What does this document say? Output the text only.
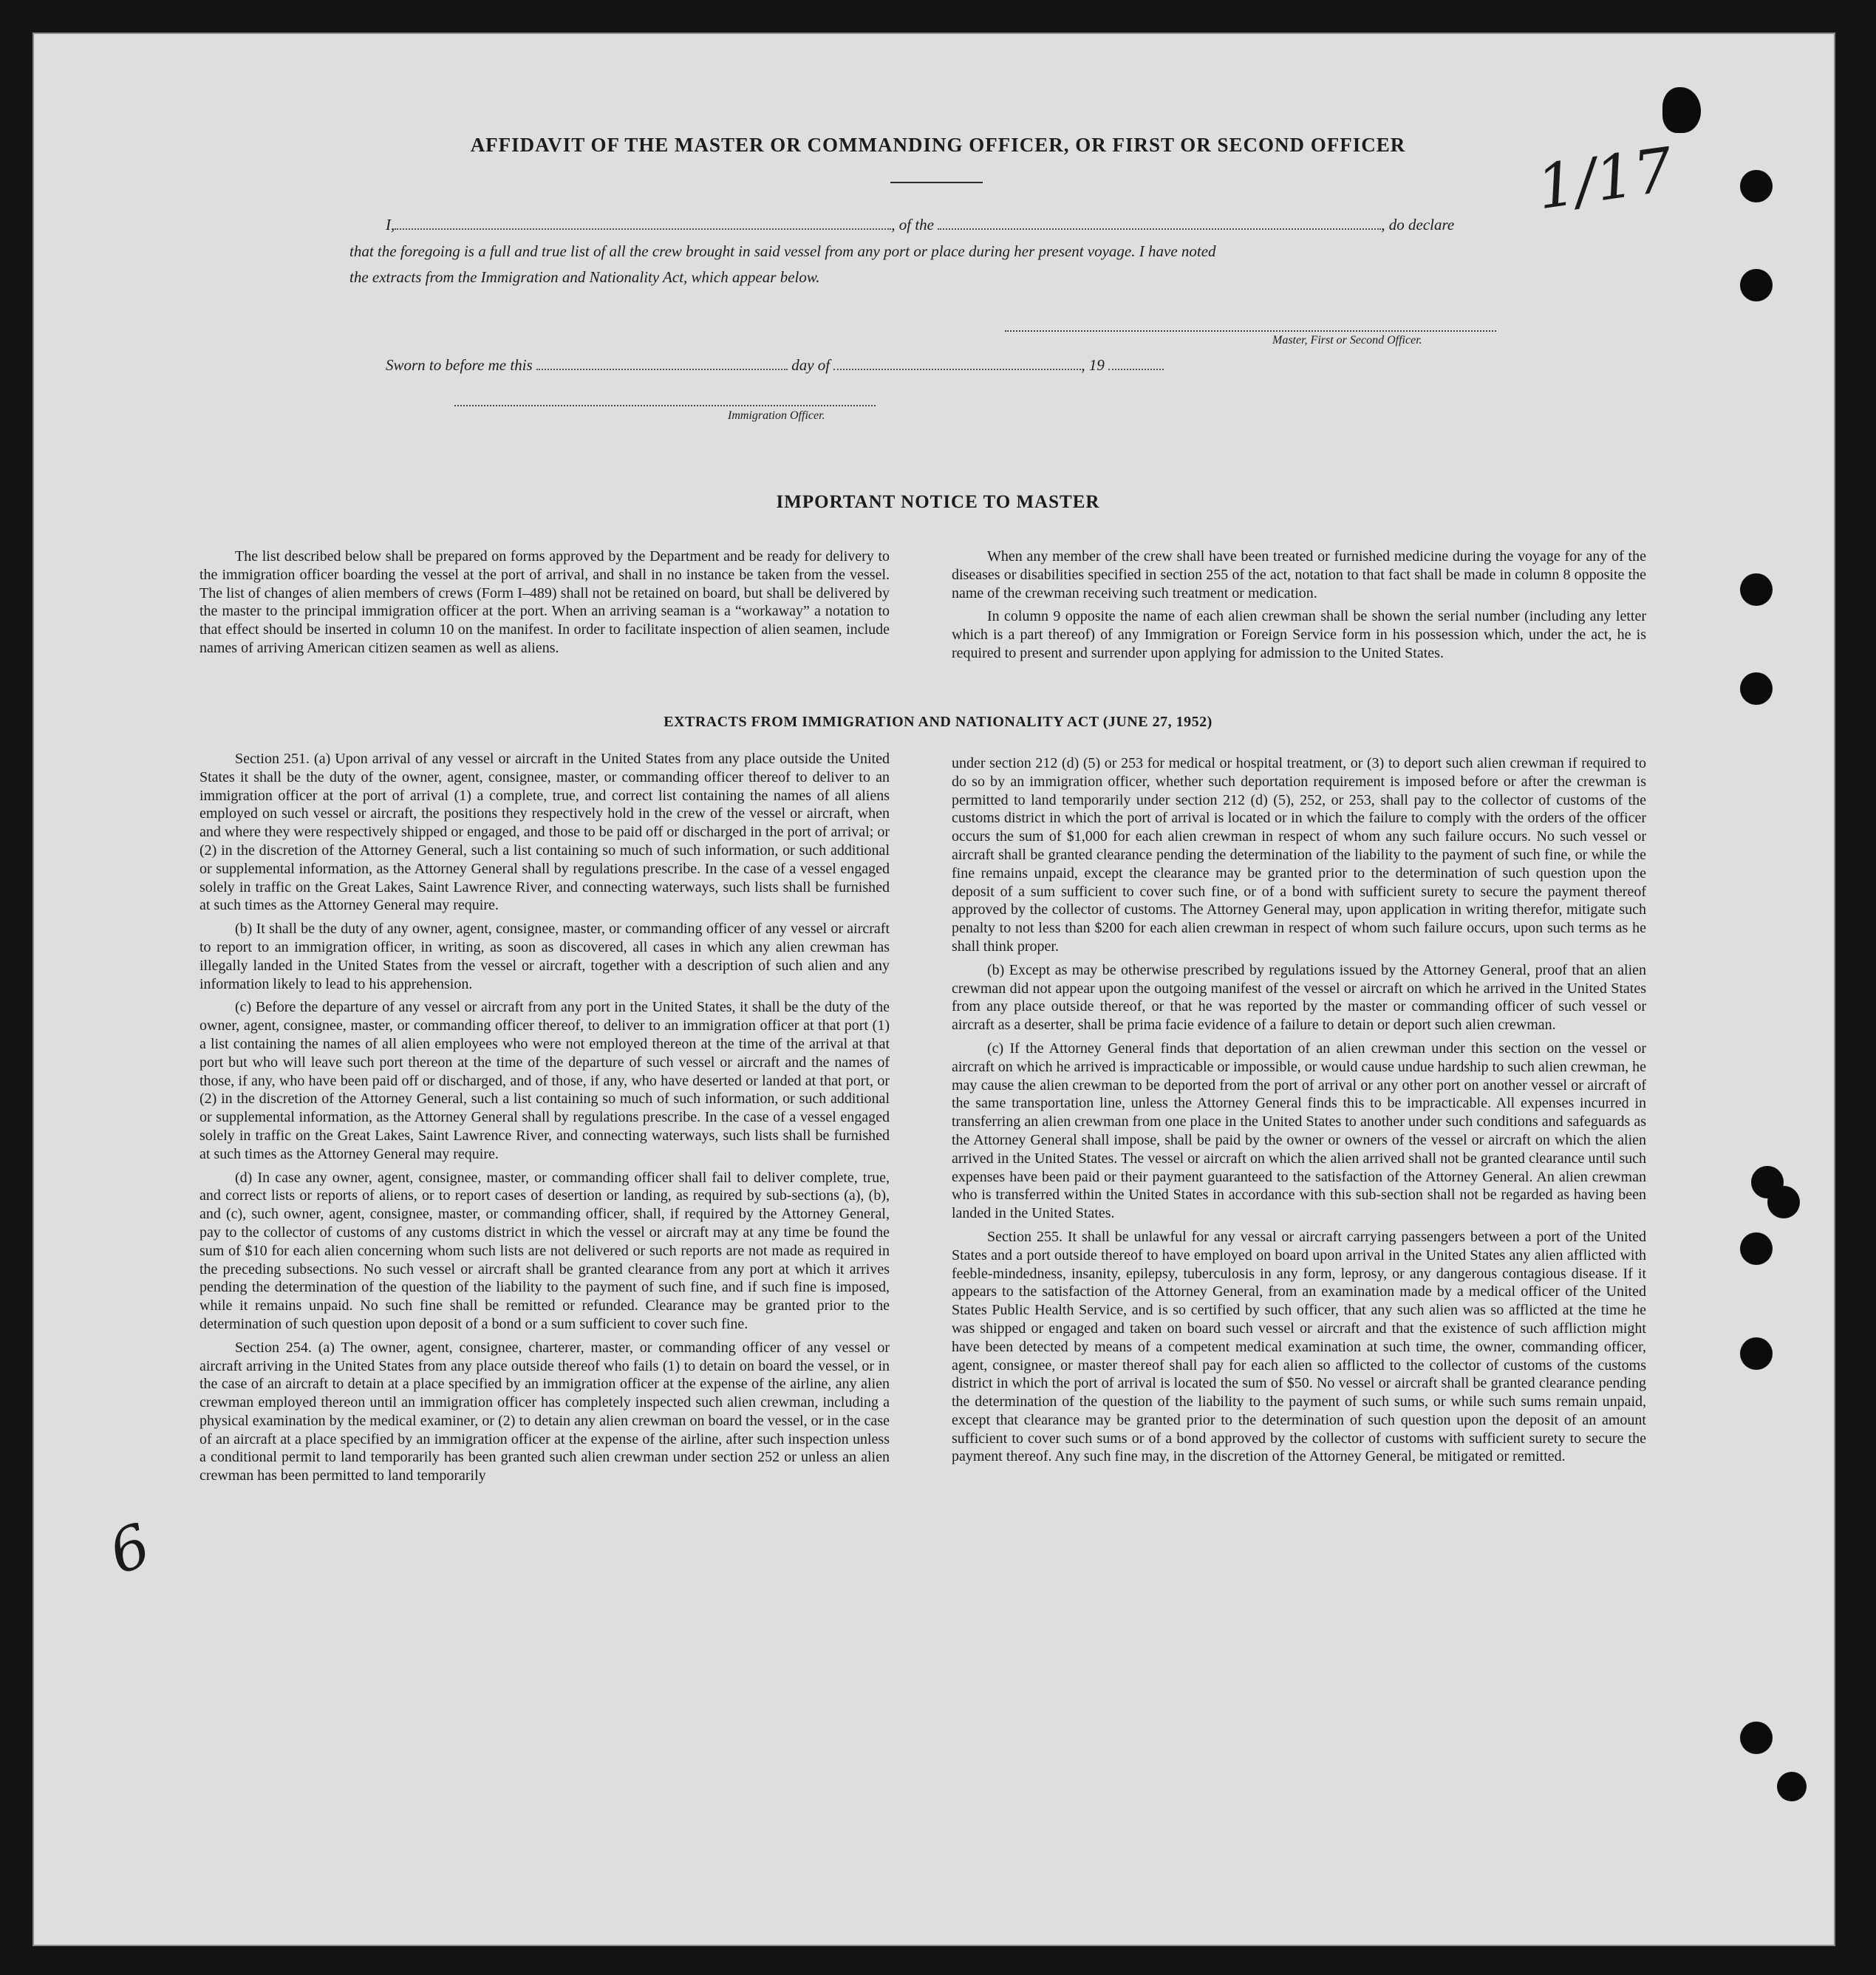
AFFIDAVIT OF THE MASTER OR COMMANDING OFFICER, OR FIRST OR SECOND OFFICER	1/17
I,	, of the	, do declare
that the foregoing is a full and true list of all the crew brought in said vessel from any port or place during her present voyage. I have noted
the extracts from the Immigration and Nationality Act, which appear below.
Master, First or Second Officer.
Sworn to before me this	day of	, 19
Immigration Officer.
IMPORTANT NOTICE TO MASTER

The list described below shall be prepared on forms approved by the Department and be ready for delivery to the immigration officer boarding the vessel at the port of arrival, and shall in no instance be taken from the vessel. The list of changes of alien members of crews (Form I–489) shall not be retained on board, but shall be delivered by the master to the principal immigration officer at the port. When an arriving seaman is a “workaway” a notation to that effect should be inserted in column 10 on the manifest. In order to facilitate inspection of alien seamen, include names of arriving American citizen seamen as well as aliens.

When any member of the crew shall have been treated or furnished medicine during the voyage for any of the diseases or disabilities specified in section 255 of the act, notation to that fact shall be made in column 8 opposite the name of the crewman receiving such treatment or medication.

In column 9 opposite the name of each alien crewman shall be shown the serial number (including any letter which is a part thereof) of any Immigration or Foreign Service form in his possession which, under the act, he is required to present and surrender upon applying for admission to the United States.

EXTRACTS FROM IMMIGRATION AND NATIONALITY ACT (JUNE 27, 1952)

Section 251. (a) Upon arrival of any vessel or aircraft in the United States from any place outside the United States it shall be the duty of the owner, agent, consignee, master, or commanding officer thereof to deliver to an immigration officer at the port of arrival (1) a complete, true, and correct list containing the names of all aliens employed on such vessel or aircraft, the positions they respectively hold in the crew of the vessel or aircraft, when and where they were respectively shipped or engaged, and those to be paid off or discharged in the port of arrival; or (2) in the discretion of the Attorney General, such a list containing so much of such information, or such additional or supplemental information, as the Attorney General shall by regulations prescribe. In the case of a vessel engaged solely in traffic on the Great Lakes, Saint Lawrence River, and connecting waterways, such lists shall be furnished at such times as the Attorney General may require.

(b) It shall be the duty of any owner, agent, consignee, master, or commanding officer of any vessel or aircraft to report to an immigration officer, in writing, as soon as discovered, all cases in which any alien crewman has illegally landed in the United States from the vessel or aircraft, together with a description of such alien and any information likely to lead to his apprehension.

(c) Before the departure of any vessel or aircraft from any port in the United States, it shall be the duty of the owner, agent, consignee, master, or commanding officer thereof, to deliver to an immigration officer at that port (1) a list containing the names of all alien employees who were not employed thereon at the time of the arrival at that port but who will leave such port thereon at the time of the departure of such vessel or aircraft and the names of those, if any, who have been paid off or discharged, and of those, if any, who have deserted or landed at that port, or (2) in the discretion of the Attorney General, such a list containing so much of such information, or such additional or supplemental information, as the Attorney General shall by regulations prescribe. In the case of a vessel engaged solely in traffic on the Great Lakes, Saint Lawrence River, and connecting waterways, such lists shall be furnished at such times as the Attorney General may require.

(d) In case any owner, agent, consignee, master, or commanding officer shall fail to deliver complete, true, and correct lists or reports of aliens, or to report cases of desertion or landing, as required by sub-sections (a), (b), and (c), such owner, agent, consignee, master, or commanding officer, shall, if required by the Attorney General, pay to the collector of customs of any customs district in which the vessel or aircraft may at any time be found the sum of $10 for each alien concerning whom such lists are not delivered or such reports are not made as required in the preceding subsections. No such vessel or aircraft shall be granted clearance from any port at which it arrives pending the determination of the question of the liability to the payment of such fine, and if such fine is imposed, while it remains unpaid. No such fine shall be remitted or refunded. Clearance may be granted prior to the determination of such question upon deposit of a bond or a sum sufficient to cover such fine.

Section 254. (a) The owner, agent, consignee, charterer, master, or commanding officer of any vessel or aircraft arriving in the United States from any place outside thereof who fails (1) to detain on board the vessel, or in the case of an aircraft to detain at a place specified by an immigration officer at the expense of the airline, any alien crewman employed thereon until an immigration officer has completely inspected such alien crewman, including a physical examination by the medical examiner, or (2) to detain any alien crewman on board the vessel, or in the case of an aircraft at a place specified by an immigration officer at the expense of the airline, after such inspection unless a conditional permit to land temporarily has been granted such alien crewman under section 252 or unless an alien crewman has been permitted to land temporarily

under section 212 (d) (5) or 253 for medical or hospital treatment, or (3) to deport such alien crewman if required to do so by an immigration officer, whether such deportation requirement is imposed before or after the crewman is permitted to land temporarily under section 212 (d) (5), 252, or 253, shall pay to the collector of customs of the customs district in which the port of arrival is located or in which the failure to comply with the orders of the officer occurs the sum of $1,000 for each alien crewman in respect of whom any such failure occurs. No such vessel or aircraft shall be granted clearance pending the determination of the liability to the payment of such fine, or while the fine remains unpaid, except the clearance may be granted prior to the determination of such question upon the deposit of a sum sufficient to cover such fine, or of a bond with sufficient surety to secure the payment thereof approved by the collector of customs. The Attorney General may, upon application in writing therefor, mitigate such penalty to not less than $200 for each alien crewman in respect of whom such failure occurs, upon such terms as he shall think proper.

(b) Except as may be otherwise prescribed by regulations issued by the Attorney General, proof that an alien crewman did not appear upon the outgoing manifest of the vessel or aircraft on which he arrived in the United States from any place outside thereof, or that he was reported by the master or commanding officer of such vessel or aircraft as a deserter, shall be prima facie evidence of a failure to detain or deport such alien crewman.

(c) If the Attorney General finds that deportation of an alien crewman under this section on the vessel or aircraft on which he arrived is impracticable or impossible, or would cause undue hardship to such alien crewman, he may cause the alien crewman to be deported from the port of arrival or any other port on another vessel or aircraft of the same transportation line, unless the Attorney General finds this to be impracticable. All expenses incurred in transferring an alien crewman from one place in the United States to another under such conditions and safeguards as the Attorney General shall impose, shall be paid by the owner or owners of the vessel or aircraft on which the alien arrived in the United States. The vessel or aircraft on which the alien arrived shall not be granted clearance until such expenses have been paid or their payment guaranteed to the satisfaction of the Attorney General. An alien crewman who is transferred within the United States in accordance with this sub-section shall not be regarded as having been landed in the United States.

Section 255. It shall be unlawful for any vessal or aircraft carrying passengers between a port of the United States and a port outside thereof to have employed on board upon arrival in the United States any alien afflicted with feeble-mindedness, insanity, epilepsy, tuberculosis in any form, leprosy, or any dangerous contagious disease. If it appears to the satisfaction of the Attorney General, from an examination made by a medical officer of the United States Public Health Service, and is so certified by such officer, that any such alien was so afflicted at the time he was shipped or engaged and taken on board such vessel or aircraft and that the existence of such affliction might have been detected by means of a competent medical examination at such time, the owner, commanding officer, agent, consignee, or master thereof shall pay for each alien so afflicted to the collector of customs of the customs district in which the port of arrival is located the sum of $50. No vessel or aircraft shall be granted clearance pending the determination of the question of the liability to the payment of such sums, or while such sums remain unpaid, except that clearance may be granted prior to the determination of such question upon the deposit of an amount sufficient to cover such sums or of a bond approved by the collector of customs with sufficient surety to secure the payment thereof. Any such fine may, in the discretion of the Attorney General, be mitigated or remitted.

6
